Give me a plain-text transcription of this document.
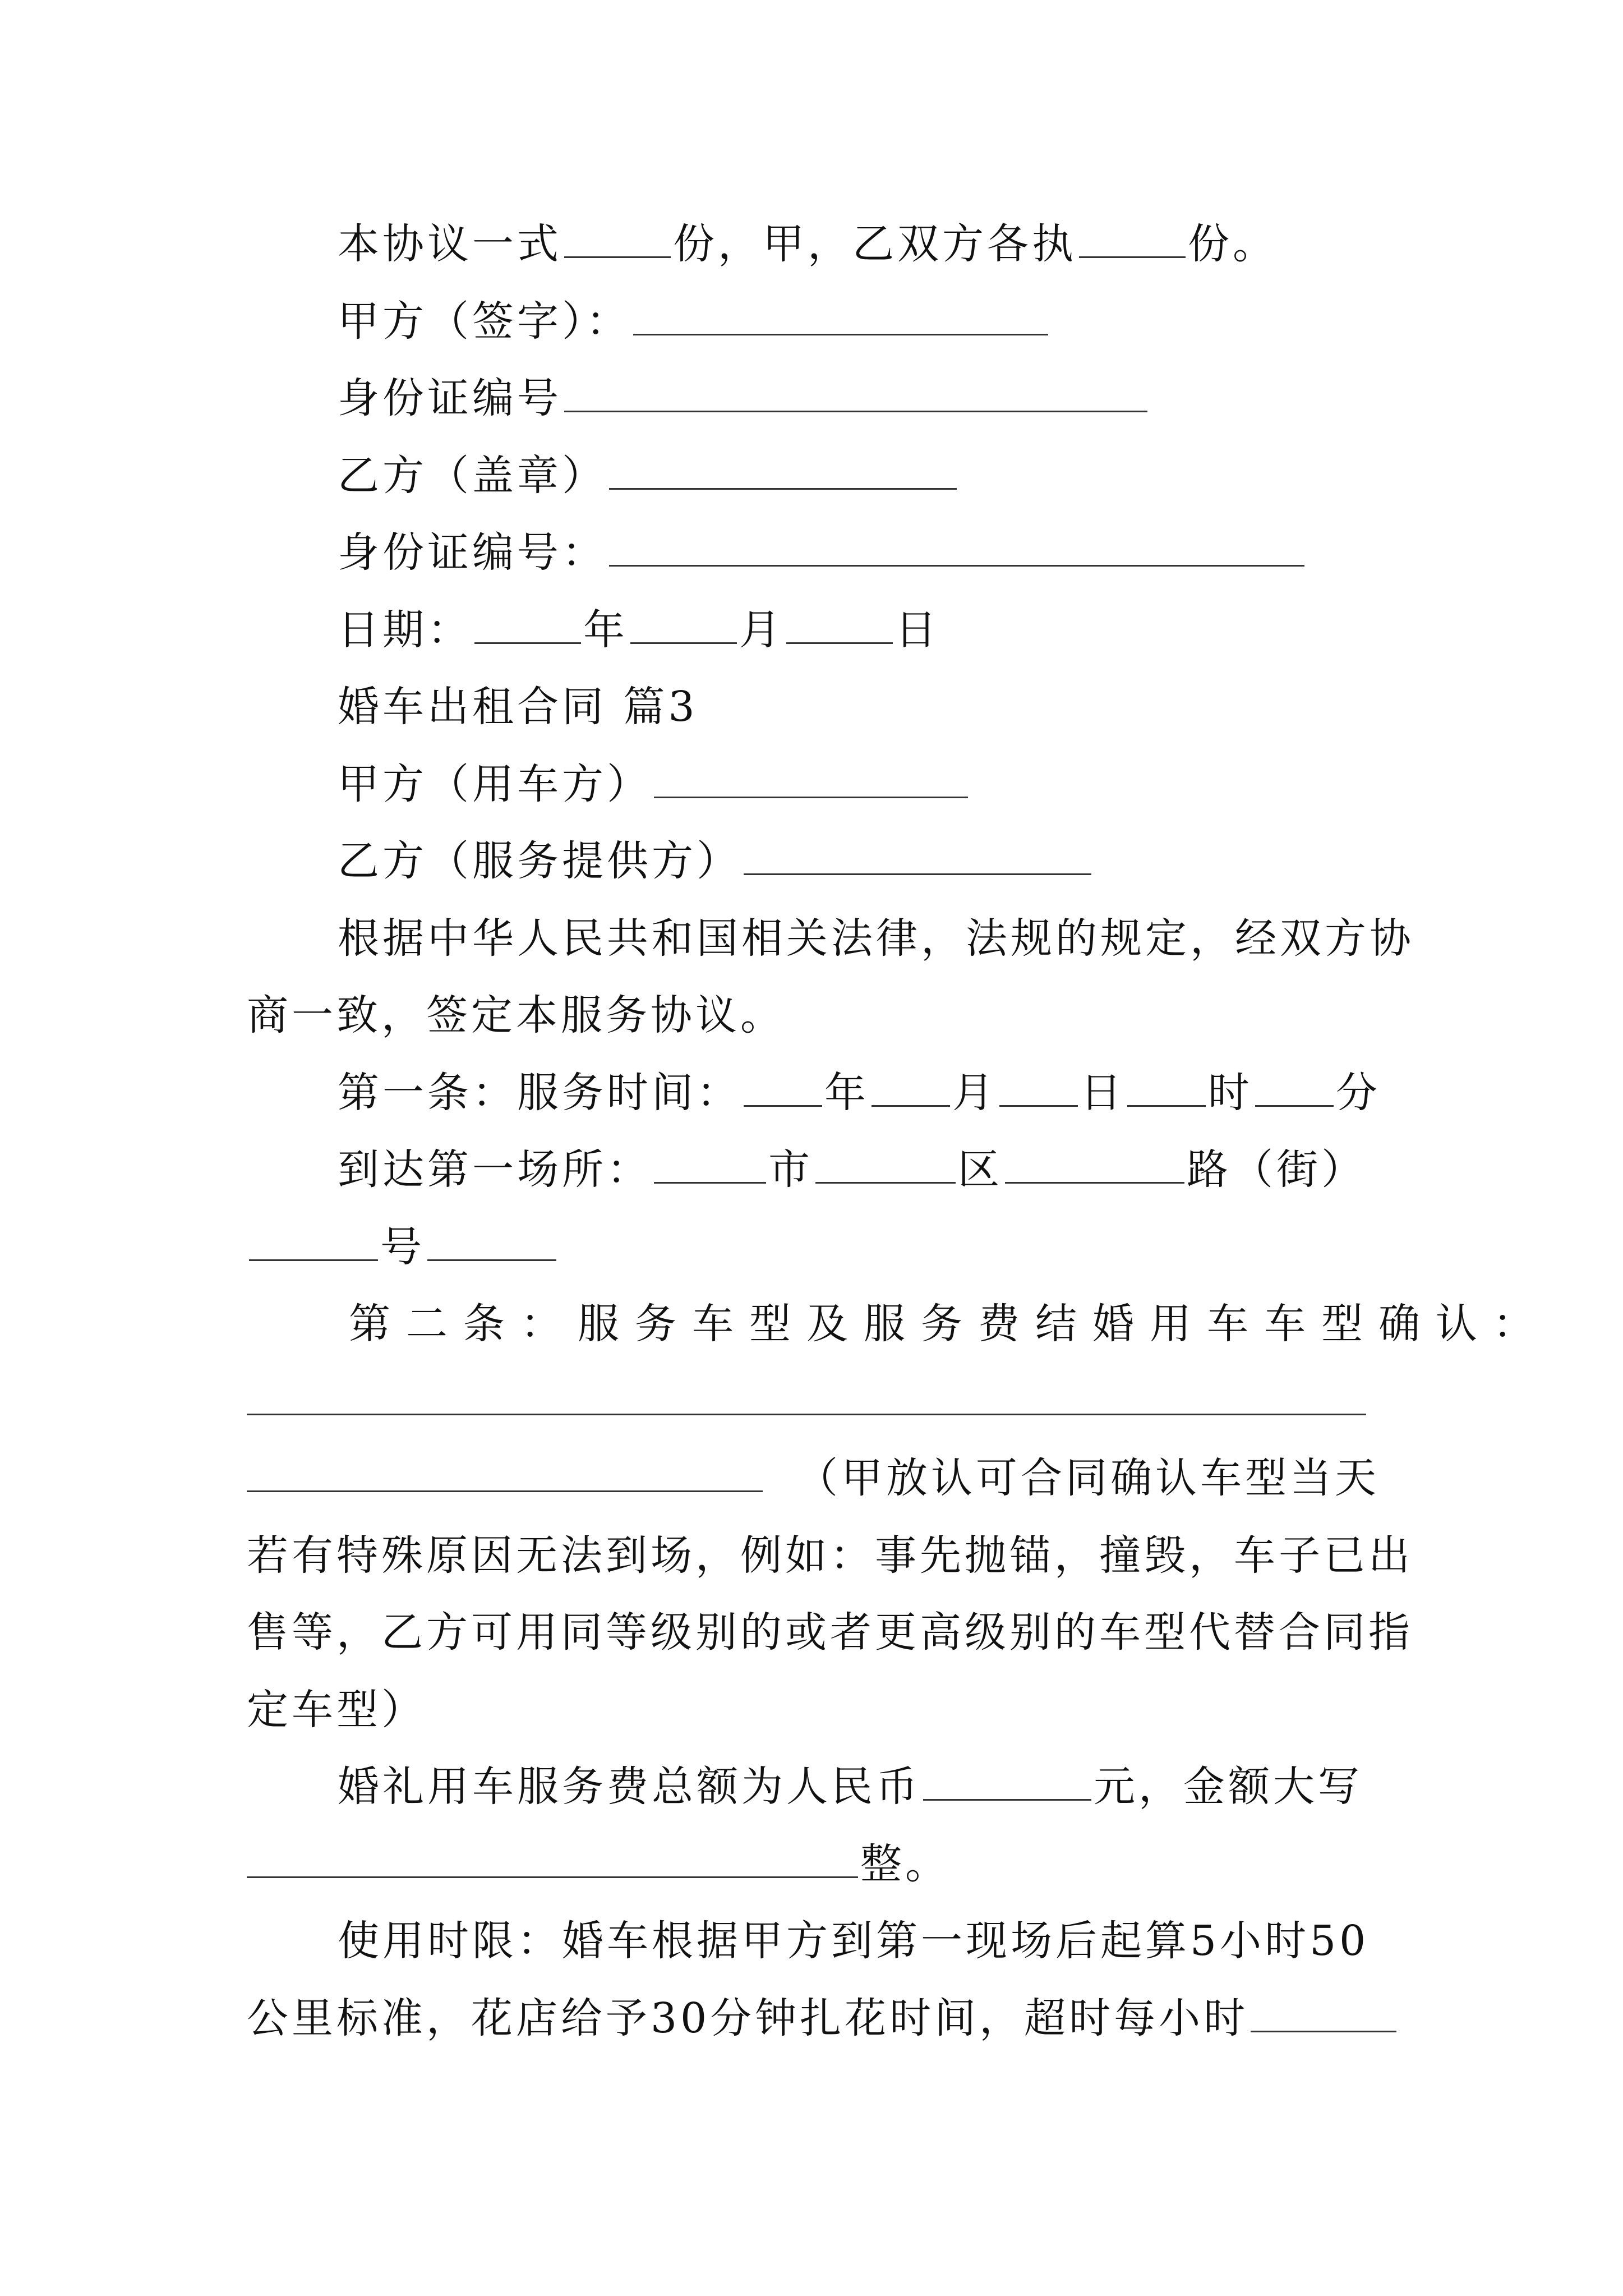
本协议一式	份，甲，乙双方各执	份。
甲方（签字）：
身份证编号
乙方（盖章）
身份证编号：
日期：	年	月	日
婚车出租合同 篇3
甲方（用车方）
乙方（服务提供方）
根据中华人民共和国相关法律，法规的规定，经双方协
商一致，签定本服务协议。
第一条：服务时间： 年 月 日 时 分
到达第一场所：	市	区	路（街）
号
第二条：服务车型及服务费结婚用车车型确认：
（甲放认可合同确认车型当天
若有特殊原因无法到场，例如：事先抛锚，撞毁，车子已出
售等，乙方可用同等级别的或者更高级别的车型代替合同指
定车型）
婚礼用车服务费总额为人民币	元，金额大写
整。
使用时限：婚车根据甲方到第一现场后起算5小时50
公里标准，花店给予30分钟扎花时间，超时每小时
